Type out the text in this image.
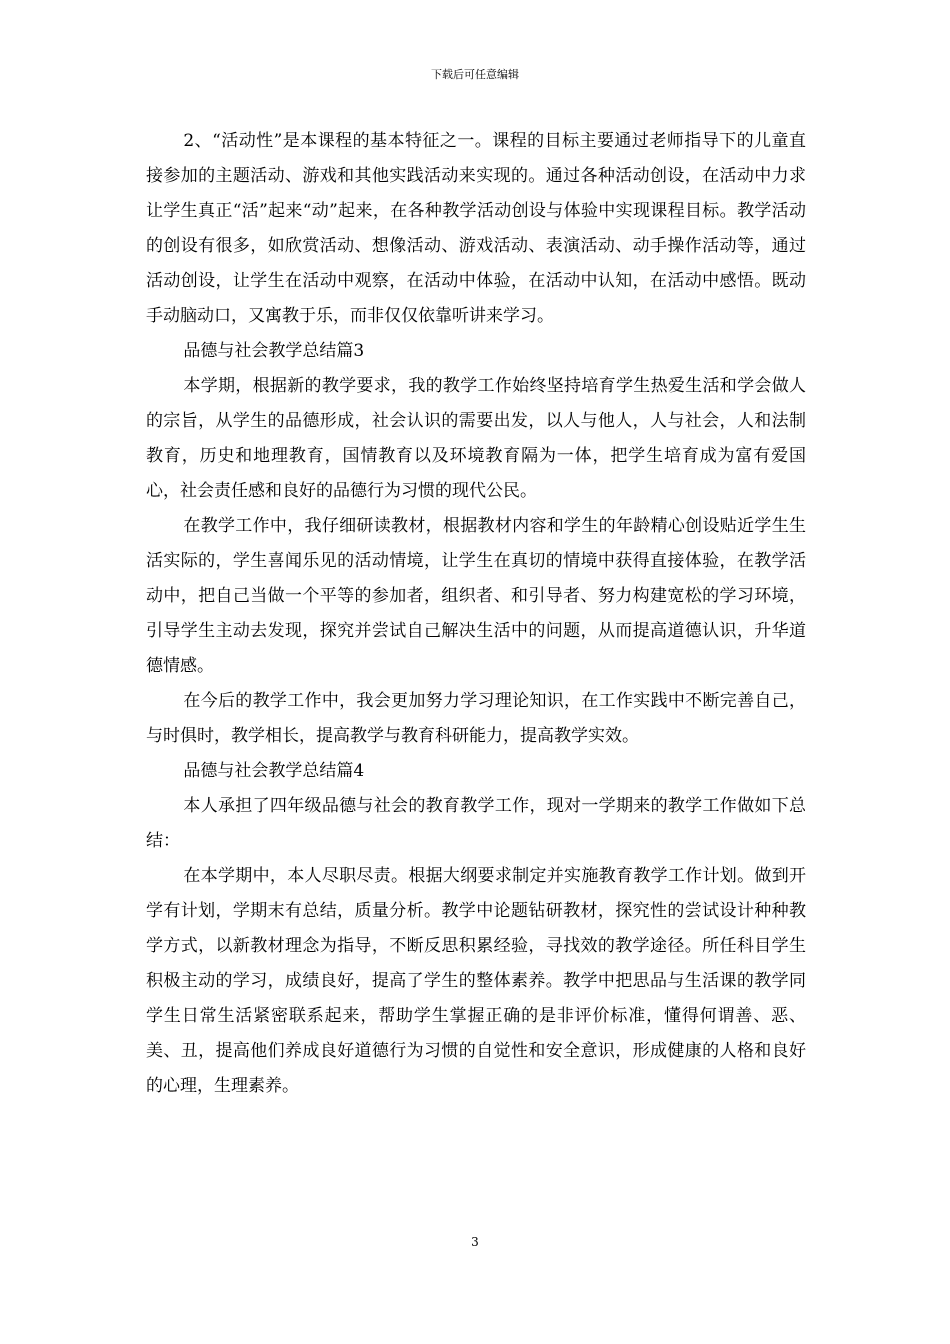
下载后可任意编辑

2、“活动性”是本课程的基本特征之一。课程的目标主要通过老师指导下的儿童直接参加的主题活动、游戏和其他实践活动来实现的。通过各种活动创设，在活动中力求让学生真正“活”起来“动”起来，在各种教学活动创设与体验中实现课程目标。教学活动的创设有很多，如欣赏活动、想像活动、游戏活动、表演活动、动手操作活动等，通过活动创设，让学生在活动中观察，在活动中体验，在活动中认知，在活动中感悟。既动手动脑动口，又寓教于乐，而非仅仅依靠听讲来学习。

品德与社会教学总结篇3

本学期，根据新的教学要求，我的教学工作始终坚持培育学生热爱生活和学会做人的宗旨，从学生的品德形成，社会认识的需要出发，以人与他人，人与社会，人和法制教育，历史和地理教育，国情教育以及环境教育隔为一体，把学生培育成为富有爱国心，社会责任感和良好的品德行为习惯的现代公民。

在教学工作中，我仔细研读教材，根据教材内容和学生的年龄精心创设贴近学生生活实际的，学生喜闻乐见的活动情境，让学生在真切的情境中获得直接体验，在教学活动中，把自己当做一个平等的参加者，组织者、和引导者、努力构建宽松的学习环境，引导学生主动去发现，探究并尝试自己解决生活中的问题，从而提高道德认识，升华道德情感。

在今后的教学工作中，我会更加努力学习理论知识，在工作实践中不断完善自己，与时俱时，教学相长，提高教学与教育科研能力，提高教学实效。

品德与社会教学总结篇4

本人承担了四年级品德与社会的教育教学工作，现对一学期来的教学工作做如下总结：

在本学期中，本人尽职尽责。根据大纲要求制定并实施教育教学工作计划。做到开学有计划，学期末有总结，质量分析。教学中论题钻研教材，探究性的尝试设计种种教学方式，以新教材理念为指导，不断反思积累经验，寻找效的教学途径。所任科目学生积极主动的学习，成绩良好，提高了学生的整体素养。教学中把思品与生活课的教学同学生日常生活紧密联系起来，帮助学生掌握正确的是非评价标准，懂得何谓善、恶、美、丑，提高他们养成良好道德行为习惯的自觉性和安全意识，形成健康的人格和良好的心理，生理素养。

3
